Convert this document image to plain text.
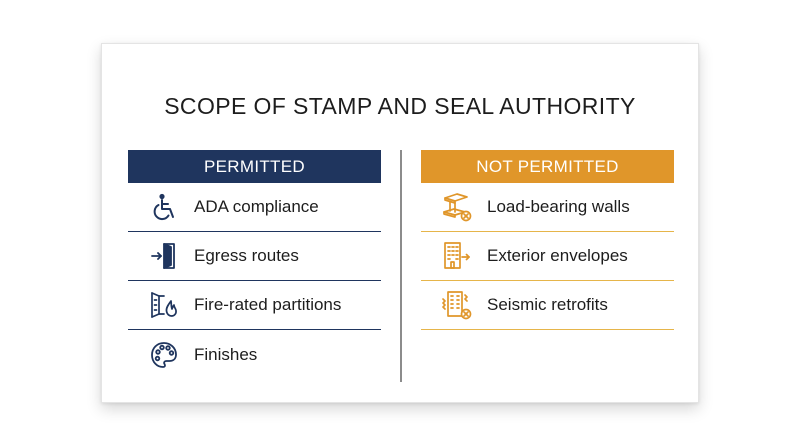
SCOPE OF STAMP AND SEAL AUTHORITY
PERMITTED
ADA compliance
Egress routes
Fire-rated partitions
Finishes
NOT PERMITTED
Load-bearing walls
Exterior envelopes
Seismic retrofits
